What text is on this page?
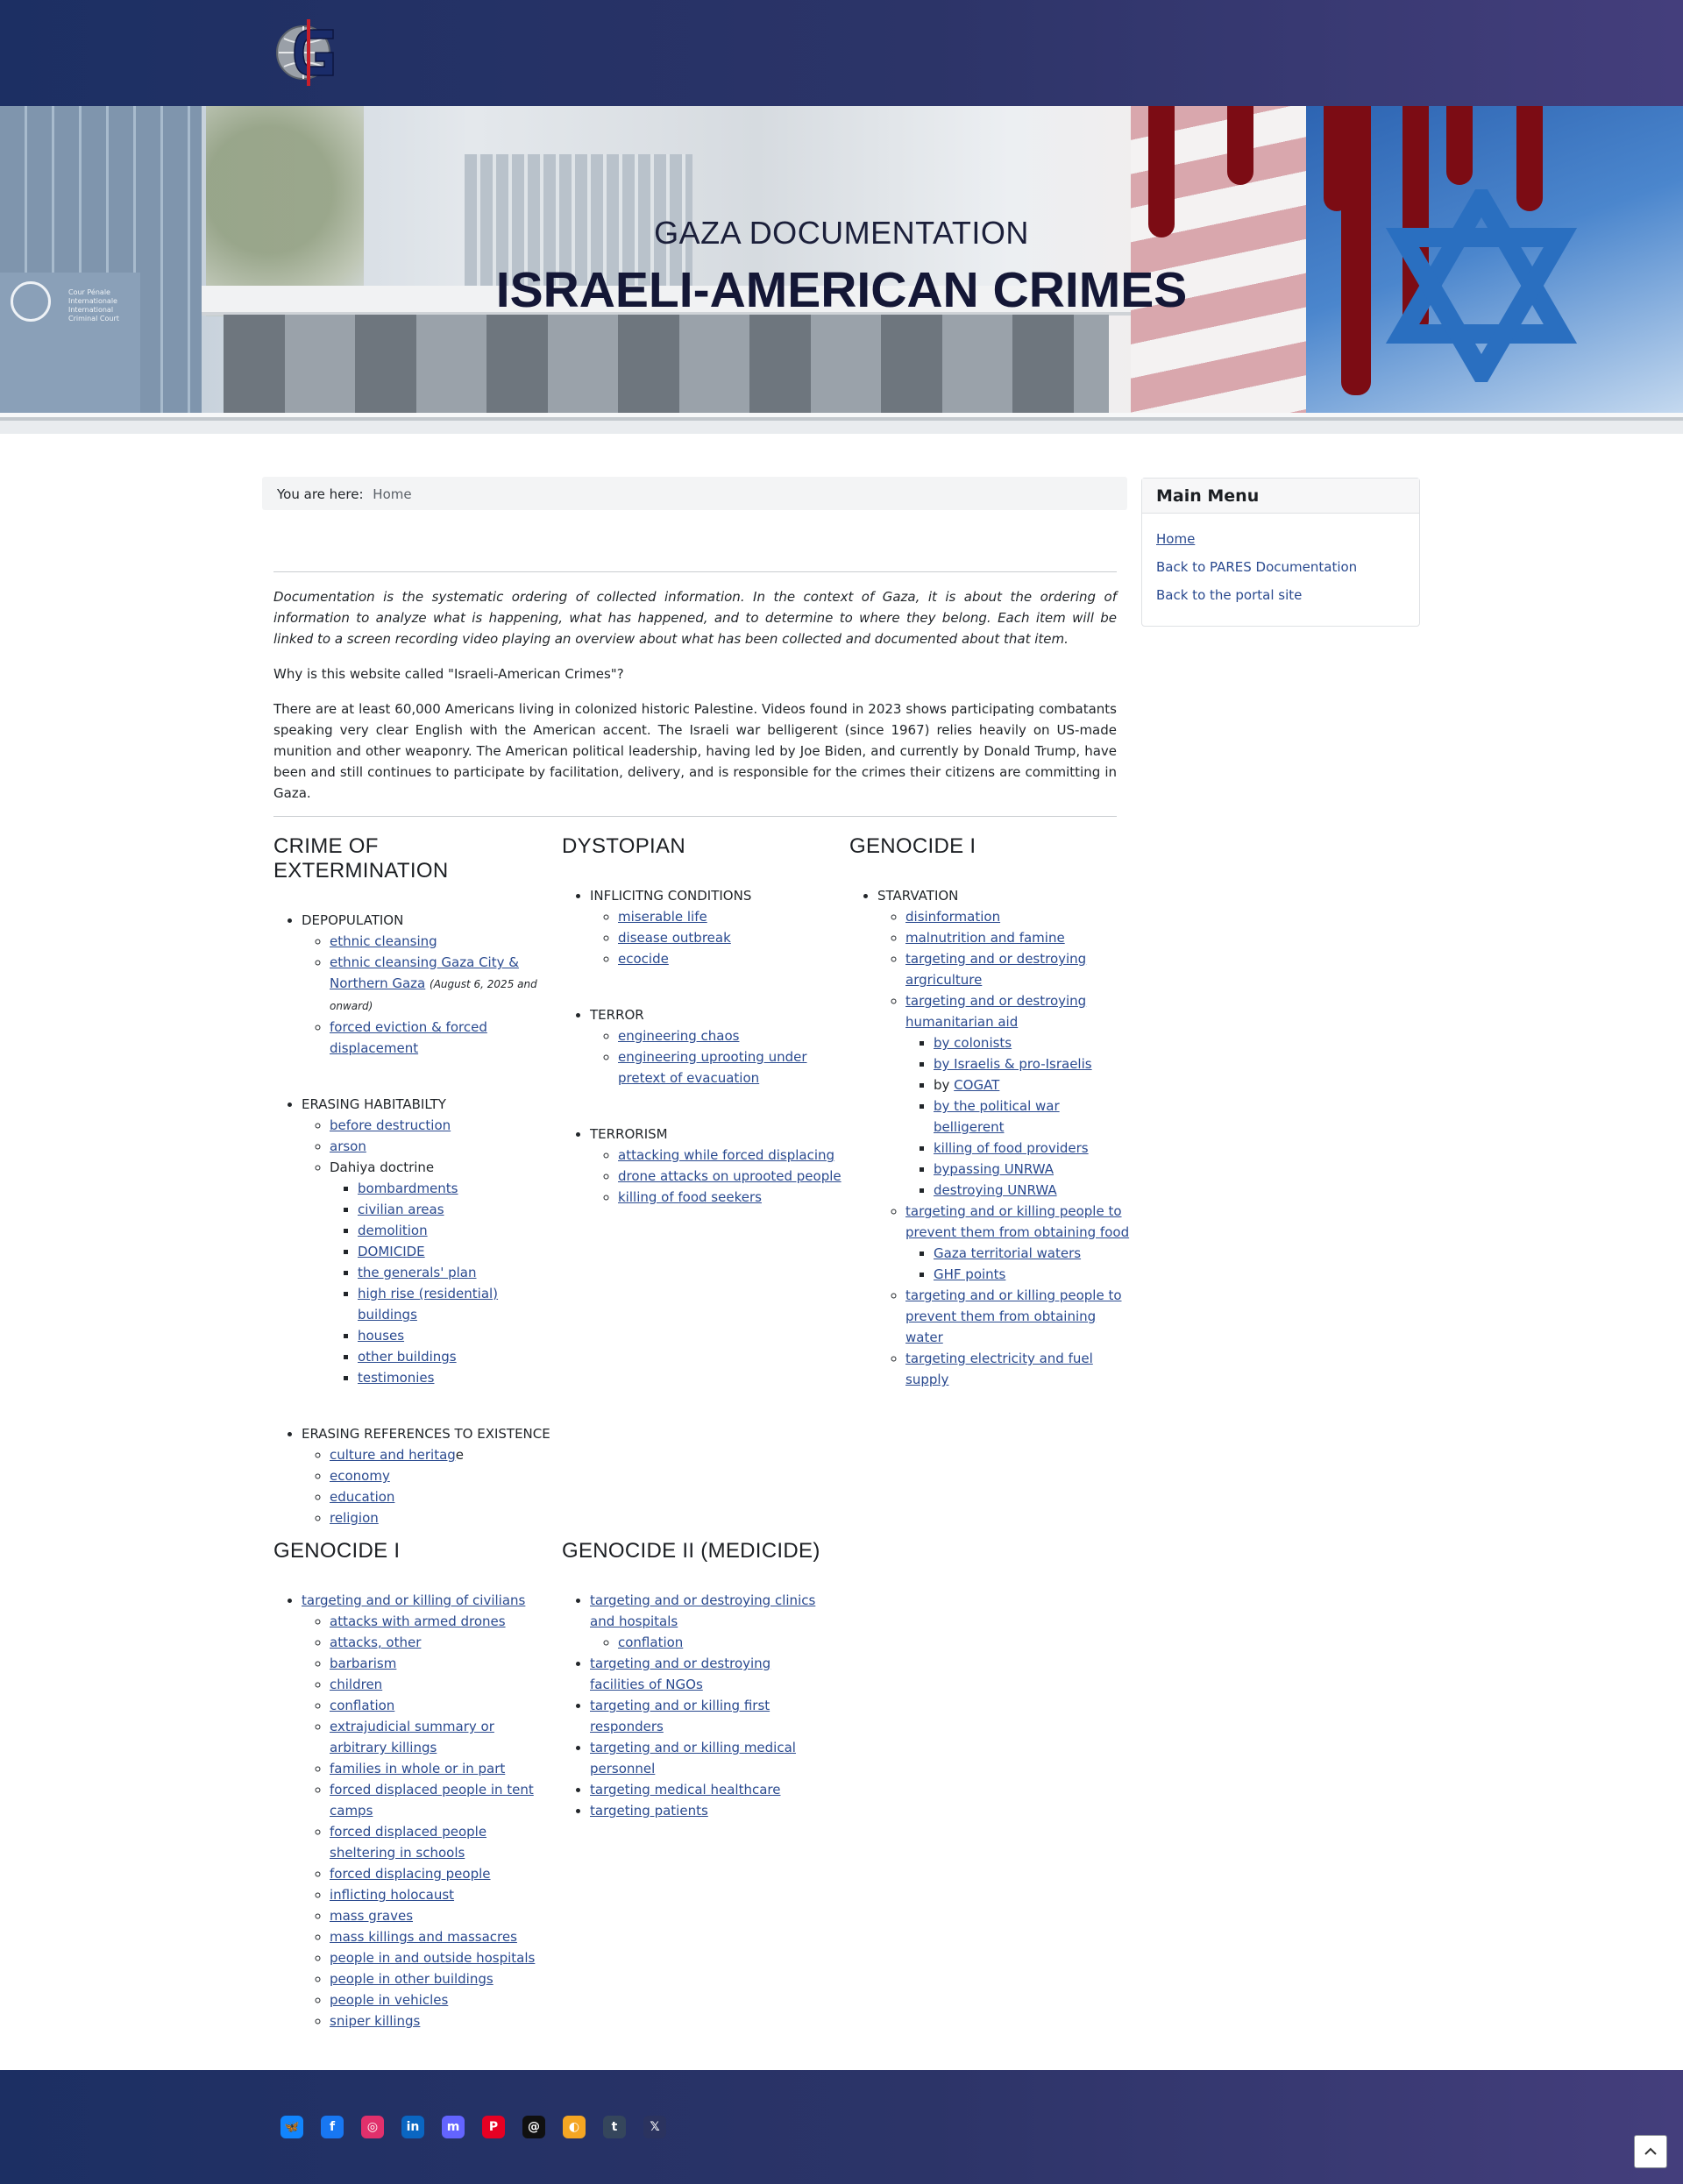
Cour Pénale Internationale International Criminal Court
GAZA DOCUMENTATION
ISRAELI-AMERICAN CRIMES
You are here: Home	Main Menu
Home
Back to PARES Documentation
Back to the portal site

Documentation is the systematic ordering of collected information. In the context of Gaza, it is about the ordering of information to analyze what is happening, what has happened, and to determine to where they belong. Each item will be linked to a screen recording video playing an overview about what has been collected and documented about that item.

Why is this website called "Israeli-American Crimes"?

There are at least 60,000 Americans living in colonized historic Palestine. Videos found in 2023 shows participating combatants speaking very clear English with the American accent. The Israeli war belligerent (since 1967) relies heavily on US-made munition and other weaponry. The American political leadership, having led by Joe Biden, and currently by Donald Trump, have been and still continues to participate by facilitation, delivery, and is responsible for the crimes their citizens are committing in Gaza.

CRIME OF EXTERMINATION
• DEPOPULATION
◦ ethnic cleansing
◦ ethnic cleansing Gaza City & Northern Gaza (August 6, 2025 and onward)
◦ forced eviction & forced displacement
• ERASING HABITABILTY
◦ before destruction
◦ arson
◦ Dahiya doctrine
▪ bombardments
▪ civilian areas
▪ demolition
▪ DOMICIDE
▪ the generals' plan
▪ high rise (residential) buildings
▪ houses
▪ other buildings
▪ testimonies
• ERASING REFERENCES TO EXISTENCE
◦ culture and heritage
◦ economy
◦ education
◦ religion
DYSTOPIAN
• INFLICITNG CONDITIONS
◦ miserable life
◦ disease outbreak
◦ ecocide
• TERROR
◦ engineering chaos
◦ engineering uprooting under pretext of evacuation
• TERRORISM
◦ attacking while forced displacing
◦ drone attacks on uprooted people
◦ killing of food seekers
GENOCIDE I
• STARVATION
◦ disinformation
◦ malnutrition and famine
◦ targeting and or destroying argriculture
◦ targeting and or destroying humanitarian aid
▪ by colonists
▪ by Israelis & pro-Israelis
▪ by COGAT
▪ by the political war belligerent
▪ killing of food providers
▪ bypassing UNRWA
▪ destroying UNRWA
◦ targeting and or killing people to prevent them from obtaining food
▪ Gaza territorial waters
▪ GHF points
◦ targeting and or killing people to prevent them from obtaining water
◦ targeting electricity and fuel supply
GENOCIDE I
• targeting and or killing of civilians
◦ attacks with armed drones
◦ attacks, other
◦ barbarism
◦ children
◦ conflation
◦ extrajudicial summary or arbitrary killings
◦ families in whole or in part
◦ forced displaced people in tent camps
◦ forced displaced people sheltering in schools
◦ forced displacing people
◦ inflicting holocaust
◦ mass graves
◦ mass killings and massacres
◦ people in and outside hospitals
◦ people in other buildings
◦ people in vehicles
◦ sniper killings
GENOCIDE II (MEDICIDE)
• targeting and or destroying clinics and hospitals
◦ conflation
• targeting and or destroying facilities of NGOs
• targeting and or killing first responders
• targeting and or killing medical personnel
• targeting medical healthcare
• targeting patients
🦋	f	◎	in	m	P	@	◐	t	𝕏
